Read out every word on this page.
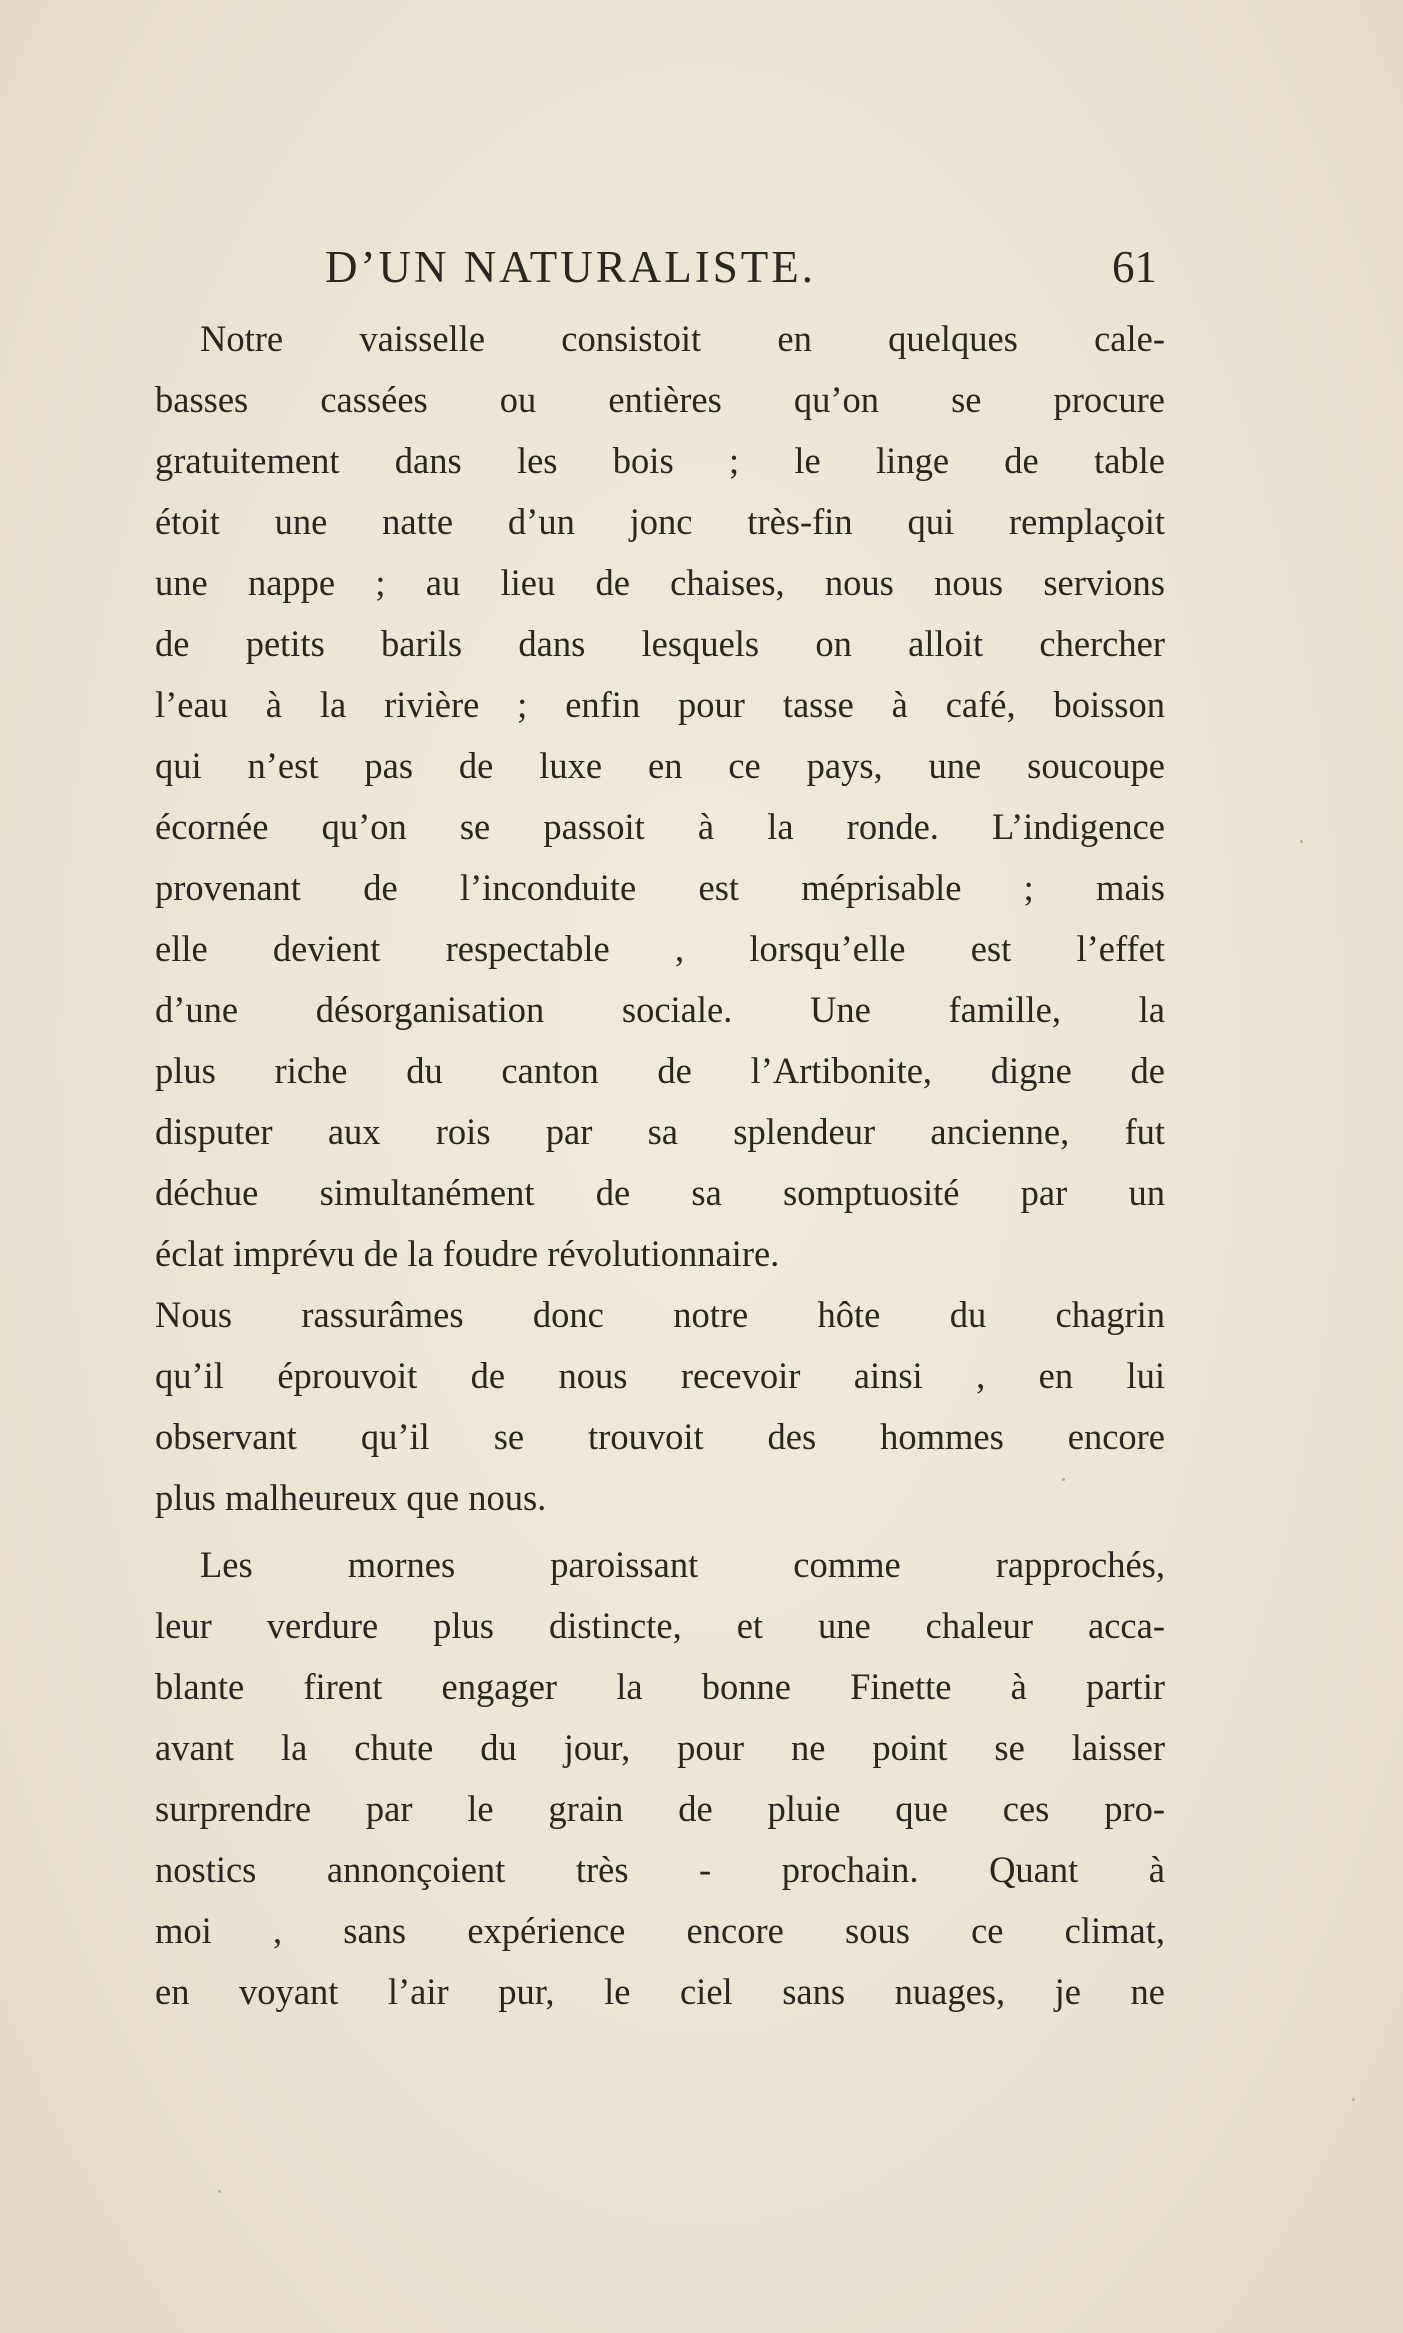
D’UN NATURALISTE.	61
Notre vaisselle consistoit en quelques cale-
basses cassées ou entières qu’on se procure
gratuitement dans les bois ; le linge de table
étoit une natte d’un jonc très-fin qui remplaçoit
une nappe ; au lieu de chaises, nous nous servions
de petits barils dans lesquels on alloit chercher
l’eau à la rivière ; enfin pour tasse à café, boisson
qui n’est pas de luxe en ce pays, une soucoupe
écornée qu’on se passoit à la ronde. L’indigence
provenant de l’inconduite est méprisable ; mais
elle devient respectable , lorsqu’elle est l’effet
d’une désorganisation sociale. Une famille, la
plus riche du canton de l’Artibonite, digne de
disputer aux rois par sa splendeur ancienne, fut
déchue simultanément de sa somptuosité par un
éclat imprévu de la foudre révolutionnaire.
Nous rassurâmes donc notre hôte du chagrin
qu’il éprouvoit de nous recevoir ainsi , en lui
observant qu’il se trouvoit des hommes encore
plus malheureux que nous.
Les mornes paroissant comme rapprochés,
leur verdure plus distincte, et une chaleur acca-
blante firent engager la bonne Finette à partir
avant la chute du jour, pour ne point se laisser
surprendre par le grain de pluie que ces pro-
nostics annonçoient très - prochain. Quant à
moi , sans expérience encore sous ce climat,
en voyant l’air pur, le ciel sans nuages, je ne
